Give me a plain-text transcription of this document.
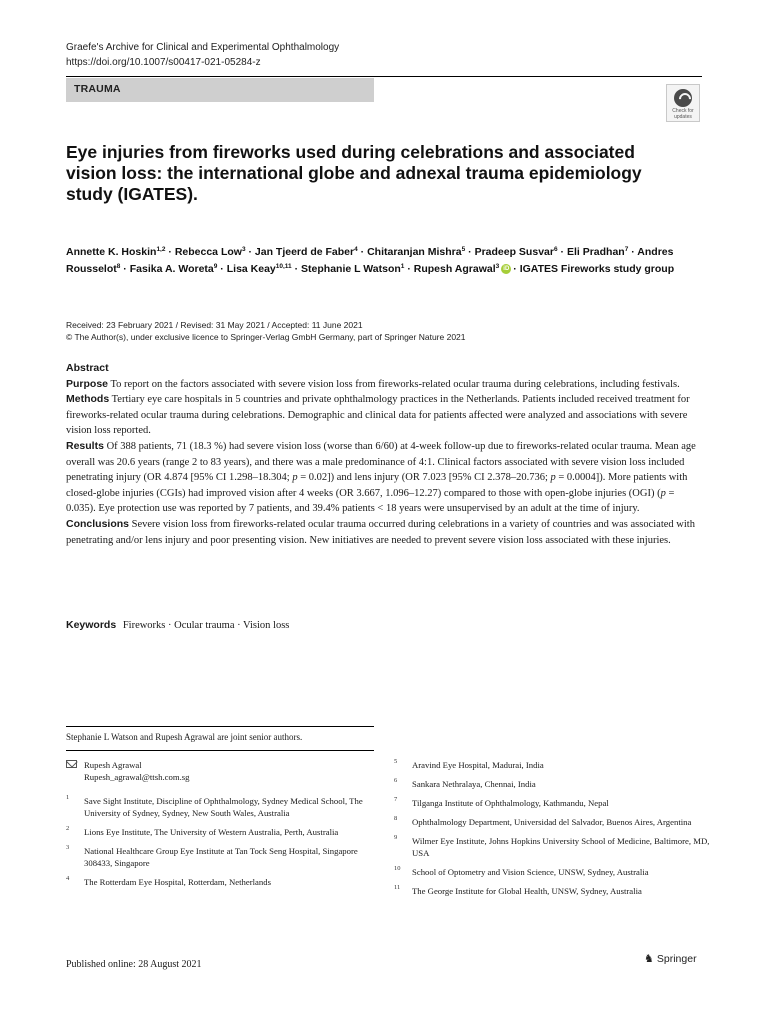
Graefe's Archive for Clinical and Experimental Ophthalmology
https://doi.org/10.1007/s00417-021-05284-z
TRAUMA
Check for
updates
Eye injuries from fireworks used during celebrations and associated vision loss: the international globe and adnexal trauma epidemiology study (IGATES).
Annette K. Hoskin$^{1,2}$ · Rebecca Low$^3$ · Jan Tjeerd de Faber$^4$ · Chitaranjan Mishra$^5$ · Pradeep Susvar$^6$ · Eli Pradhan$^7$ · Andres Rousselot$^8$ · Fasika A. Woreta$^9$ · Lisa Keay$^{10,11}$ · Stephanie L Watson$^1$ · Rupesh Agrawal$^3$ iD · IGATES Fireworks study group
Received: 23 February 2021 / Revised: 31 May 2021 / Accepted: 11 June 2021
© The Author(s), under exclusive licence to Springer-Verlag GmbH Germany, part of Springer Nature 2021
Abstract

Purpose To report on the factors associated with severe vision loss from fireworks-related ocular trauma during celebrations, including festivals.

Methods Tertiary eye care hospitals in 5 countries and private ophthalmology practices in the Netherlands. Patients included received treatment for fireworks-related ocular trauma during celebrations. Demographic and clinical data for patients affected were analyzed and associations with severe vision loss reported.

Results Of 388 patients, 71 (18.3 %) had severe vision loss (worse than 6/60) at 4-week follow-up due to fireworks-related ocular trauma. Mean age overall was 20.6 years (range 2 to 83 years), and there was a male predominance of 4:1. Clinical factors associated with severe vision loss included penetrating injury (OR 4.874 [95% CI 1.298–18.304; p = 0.02]) and lens injury (OR 7.023 [95% CI 2.378–20.736; p = 0.0004]). More patients with closed-globe injuries (CGIs) had improved vision after 4 weeks (OR 3.667, 1.096–12.27) compared to those with open-globe injuries (OGI) (p = 0.035). Eye protection use was reported by 7 patients, and 39.4% patients < 18 years were unsupervised by an adult at the time of injury.

Conclusions Severe vision loss from fireworks-related ocular trauma occurred during celebrations in a variety of countries and was associated with penetrating and/or lens injury and poor presenting vision. New initiatives are needed to prevent severe vision loss associated with these injuries.

Keywords Fireworks · Ocular trauma · Vision loss
Stephanie L Watson and Rupesh Agrawal are joint senior authors.
Rupesh Agrawal
Rupesh_agrawal@ttsh.com.sg
1 Save Sight Institute, Discipline of Ophthalmology, Sydney Medical School, The University of Sydney, Sydney, New South Wales, Australia
2 Lions Eye Institute, The University of Western Australia, Perth, Australia
3 National Healthcare Group Eye Institute at Tan Tock Seng Hospital, Singapore 308433, Singapore
4 The Rotterdam Eye Hospital, Rotterdam, Netherlands
5 Aravind Eye Hospital, Madurai, India
6 Sankara Nethralaya, Chennai, India
7 Tilganga Institute of Ophthalmology, Kathmandu, Nepal
8 Ophthalmology Department, Universidad del Salvador, Buenos Aires, Argentina
9 Wilmer Eye Institute, Johns Hopkins University School of Medicine, Baltimore, MD, USA
10 School of Optometry and Vision Science, UNSW, Sydney, Australia
11 The George Institute for Global Health, UNSW, Sydney, Australia
Published online: 28 August 2021	♞ Springer
